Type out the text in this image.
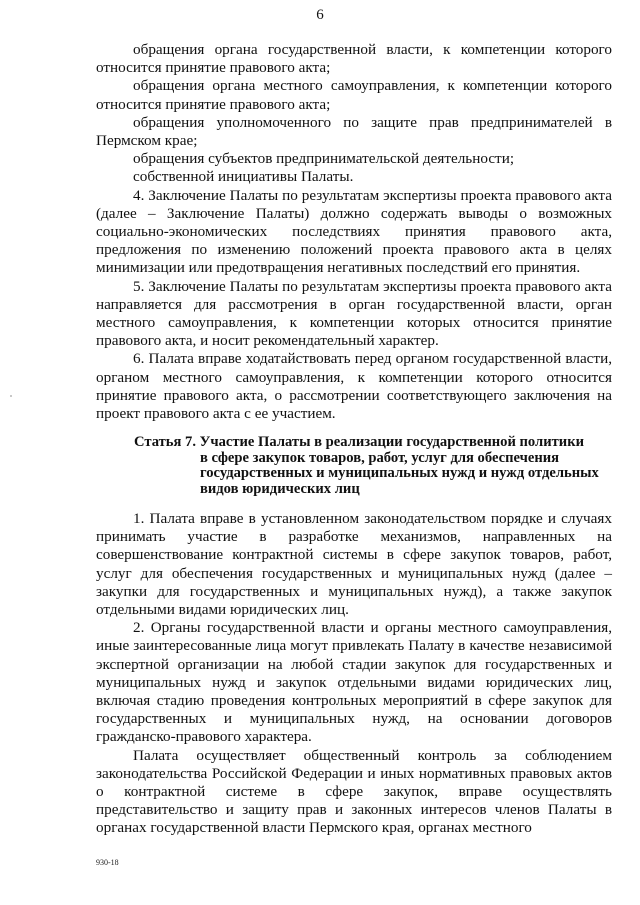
6

обращения органа государственной власти, к компетенции которого относится принятие правового акта;

обращения органа местного самоуправления, к компетенции которого относится принятие правового акта;

обращения уполномоченного по защите прав предпринимателей в Пермском крае;

обращения субъектов предпринимательской деятельности;

собственной инициативы Палаты.

4. Заключение Палаты по результатам экспертизы проекта правового акта (далее – Заключение Палаты) должно содержать выводы о возможных социально-экономических последствиях принятия правового акта, предложения по изменению положений проекта правового акта в целях минимизации или предотвращения негативных последствий его принятия.

5. Заключение Палаты по результатам экспертизы проекта правового акта направляется для рассмотрения в орган государственной власти, орган местного самоуправления, к компетенции которых относится принятие правового акта, и носит рекомендательный характер.

6. Палата вправе ходатайствовать перед органом государственной власти, органом местного самоуправления, к компетенции которого относится принятие правового акта, о рассмотрении соответствующего заключения на проект правового акта с ее участием.

Статья 7. Участие Палаты в реализации государственной политики
в сфере закупок товаров, работ, услуг для обеспечения государственных и муниципальных нужд и нужд отдельных видов юридических лиц

1. Палата вправе в установленном законодательством порядке и случаях принимать участие в разработке механизмов, направленных на совершенствование контрактной системы в сфере закупок товаров, работ, услуг для обеспечения государственных и муниципальных нужд (далее – закупки для государственных и муниципальных нужд), а также закупок отдельными видами юридических лиц.

2. Органы государственной власти и органы местного самоуправления, иные заинтересованные лица могут привлекать Палату в качестве независимой экспертной организации на любой стадии закупок для государственных и муниципальных нужд и закупок отдельными видами юридических лиц, включая стадию проведения контрольных мероприятий в сфере закупок для государственных и муниципальных нужд, на основании договоров гражданско-правового характера.

Палата осуществляет общественный контроль за соблюдением законодательства Российской Федерации и иных нормативных правовых актов о контрактной системе в сфере закупок, вправе осуществлять представительство и защиту прав и законных интересов членов Палаты в органах государственной власти Пермского края, органах местного

930-18
